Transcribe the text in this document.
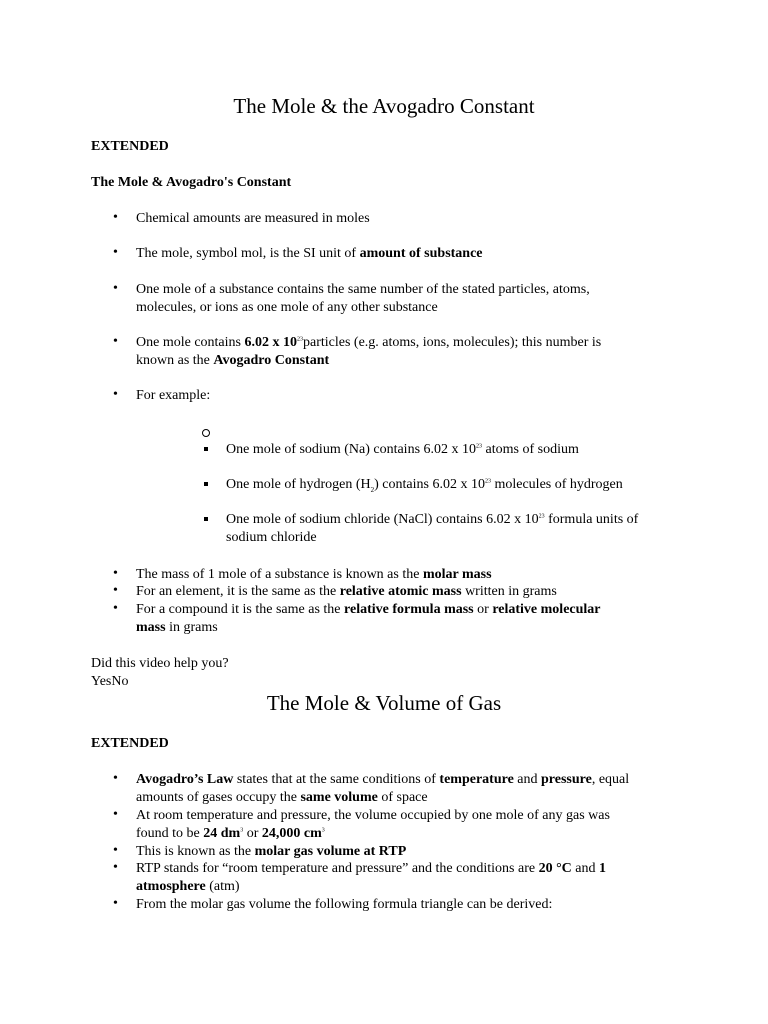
The Mole & the Avogadro Constant
EXTENDED
The Mole & Avogadro's Constant
• Chemical amounts are measured in moles
• The mole, symbol mol, is the SI unit of amount of substance
• One mole of a substance contains the same number of the stated particles, atoms,
molecules, or ions as one mole of any other substance
• One mole contains 6.02 x $10^{23}particles$ (e.g. atoms, ions, molecules); this number is
known as the Avogadro Constant
• For example:
One mole of sodium (Na) contains 6.02 x $10^{23}$ atoms of sodium
One mole of hydrogen $(H_2)$ contains 6.02 x $10^{23}$ molecules of hydrogen
One mole of sodium chloride (NaCl) contains 6.02 x $10^{23}$ formula units of
sodium chloride
• The mass of 1 mole of a substance is known as the molar mass
• For an element, it is the same as the relative atomic mass written in grams
• For a compound it is the same as the relative formula mass or relative molecular
mass in grams
Did this video help you?
YesNo
The Mole & Volume of Gas
EXTENDED
• Avogadro’s Law states that at the same conditions of temperature and pressure, equal
amounts of gases occupy the same volume of space
• At room temperature and pressure, the volume occupied by one mole of any gas was
found to be 24 $dm^3$ or 24,000 $cm^3$
• This is known as the molar gas volume at RTP
• RTP stands for “room temperature and pressure” and the conditions are 20 °C and 1
atmosphere (atm)
• From the molar gas volume the following formula triangle can be derived:
